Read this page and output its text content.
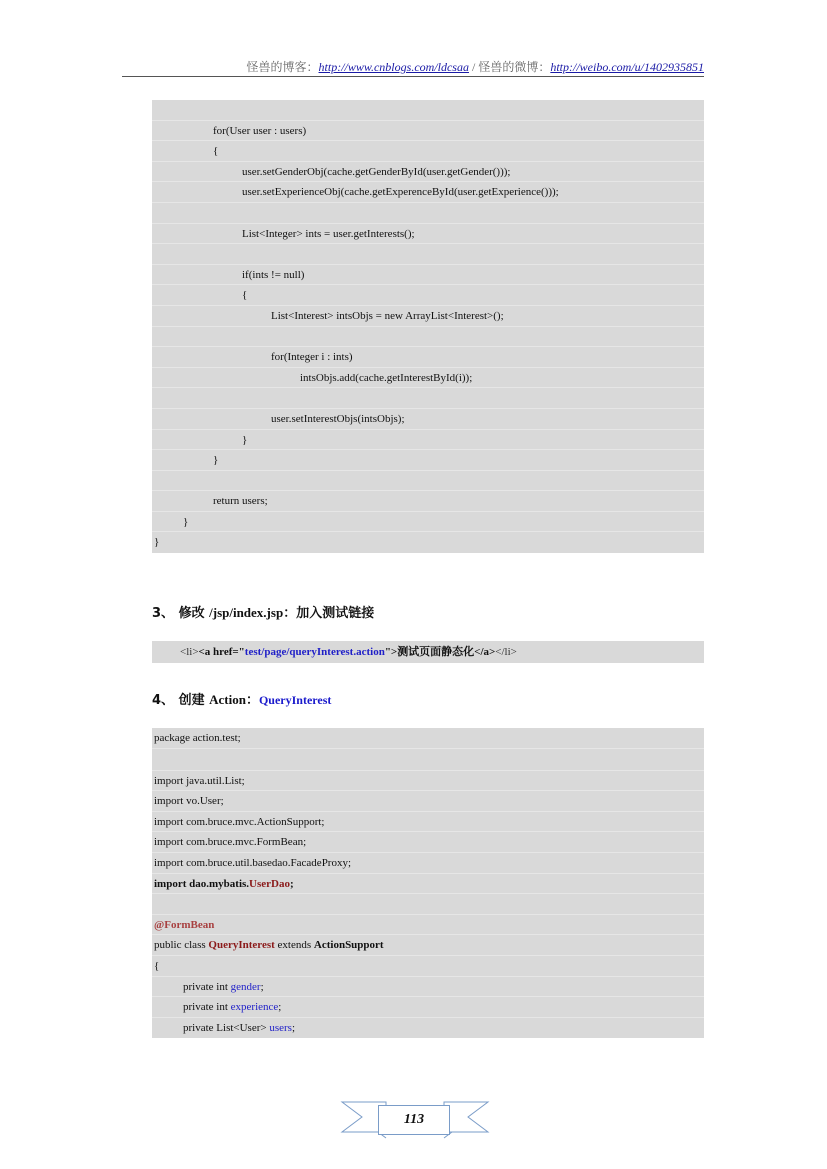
怪兽的博客：http://www.cnblogs.com/ldcsaa / 怪兽的微博：http://weibo.com/u/1402935851
for(User user : users)
{
user.setGenderObj(cache.getGenderById(user.getGender()));
user.setExperienceObj(cache.getExperenceById(user.getExperience()));
List<Integer> ints = user.getInterests();
if(ints != null)
{
List<Interest> intsObjs = new ArrayList<Interest>();
for(Integer i : ints)
intsObjs.add(cache.getInterestById(i));
user.setInterestObjs(intsObjs);
}
}
return users;
}
}
3、 修改 /jsp/index.jsp：加入测试链接
<li><a href="test/page/queryInterest.action">测试页面静态化</a></li>
4、 创建 Action：QueryInterest
package action.test;
import java.util.List;
import vo.User;
import com.bruce.mvc.ActionSupport;
import com.bruce.mvc.FormBean;
import com.bruce.util.basedao.FacadeProxy;
import dao.mybatis.UserDao;
@FormBean
public class QueryInterest extends ActionSupport
{
private int gender;
private int experience;
private List<User> users;
113
